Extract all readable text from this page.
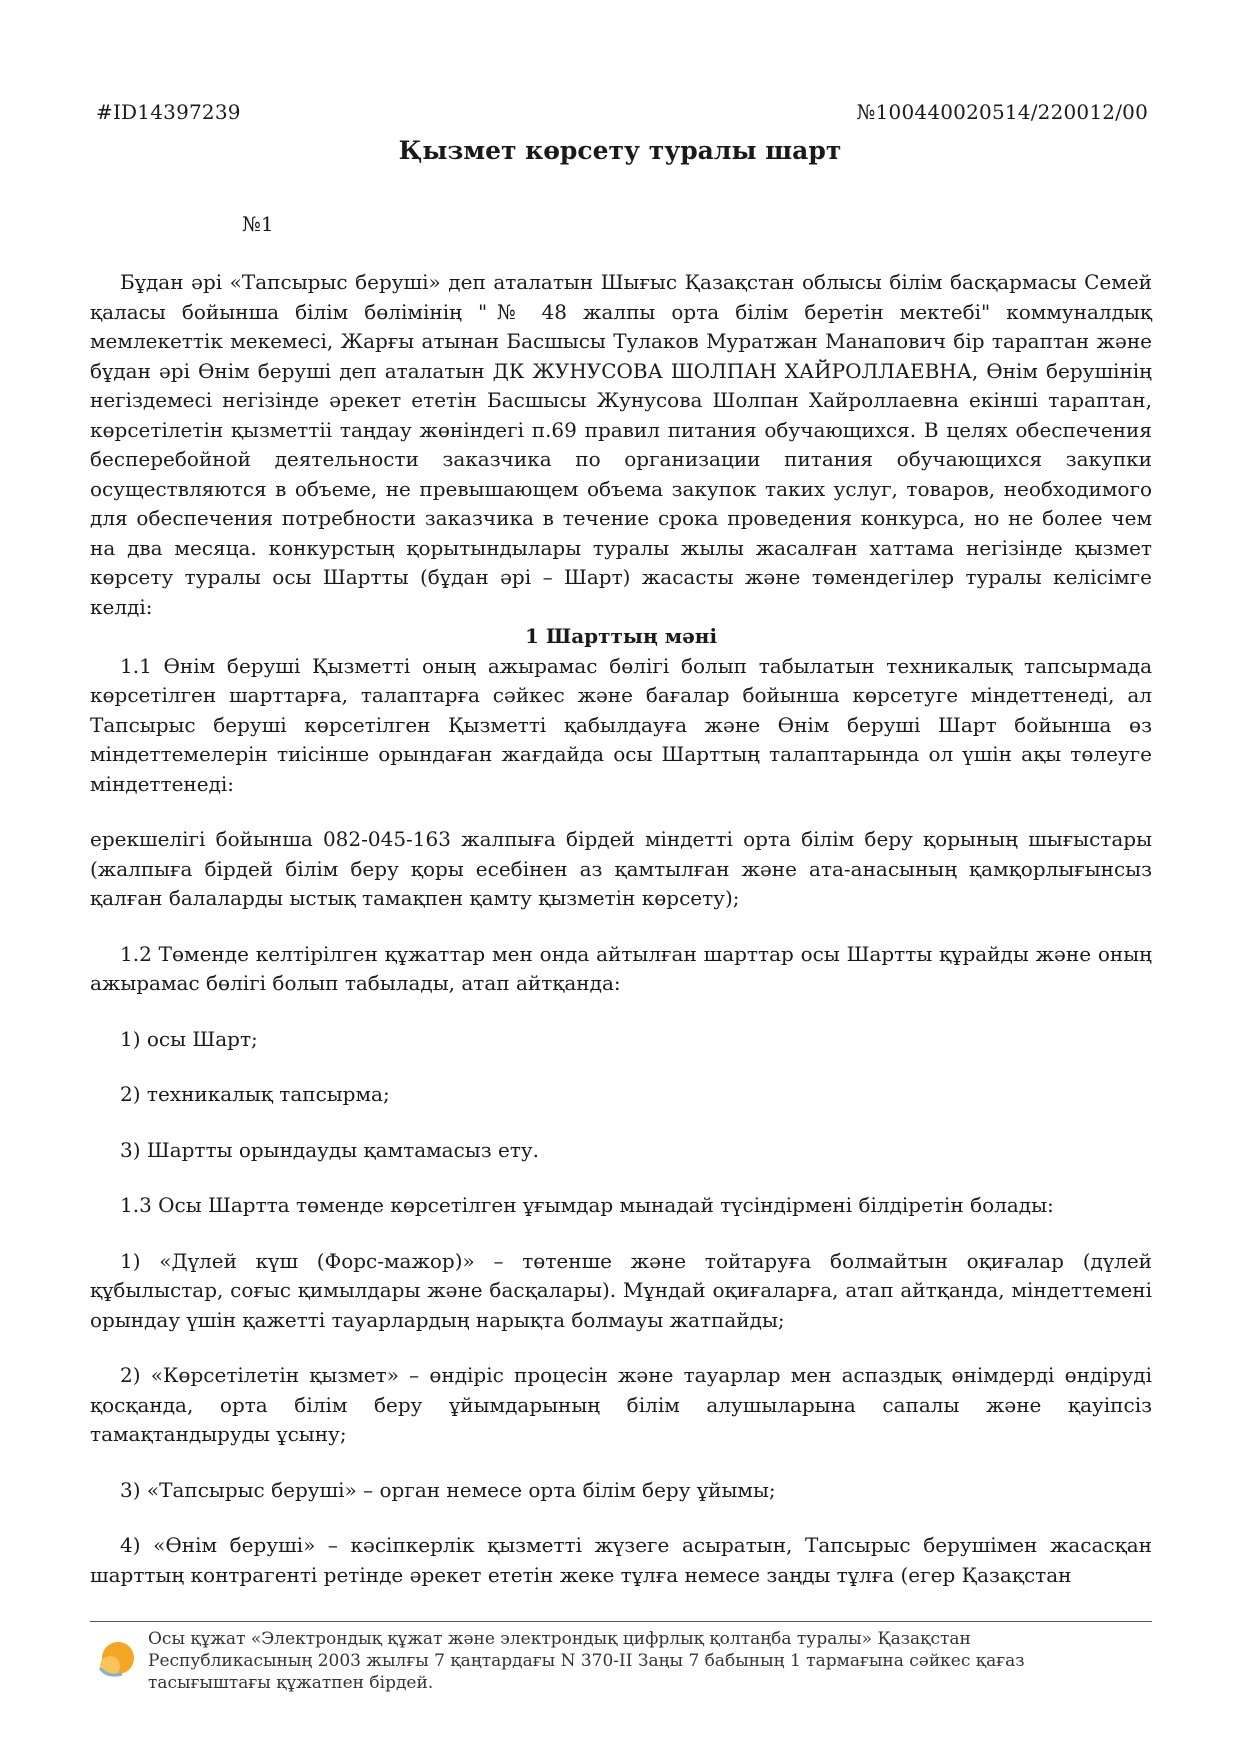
#ID14397239	№100440020514/220012/00
Қызмет көрсету туралы шарт
№1

Бұдан әрі «Тапсырыс беруші» деп аталатын Шығыс Қазақстан облысы білім басқармасы Семей қаласы бойынша білім бөлімінің "№ 48 жалпы орта білім беретін мектебі" коммуналдық мемлекеттік мекемесі, Жарғы атынан Басшысы Тулаков Муратжан Манапович бір тараптан және бұдан әрі Өнім беруші деп аталатын ДК ЖУНУСОВА ШОЛПАН ХАЙРОЛЛАЕВНА, Өнім берушінің негіздемесі негізінде әрекет ететін Басшысы Жунусова Шолпан Хайроллаевна екінші тараптан, көрсетілетін қызметтіі таңдау жөніндегі п.69 правил питания обучающихся. В целях обеспечения бесперебойной деятельности заказчика по организации питания обучающихся закупки осуществляются в объеме, не превышающем объема закупок таких услуг, товаров, необходимого для обеспечения потребности заказчика в течение срока проведения конкурса, но не более чем на два месяца. конкурстың қорытындылары туралы жылы жасалған хаттама негізінде қызмет көрсету туралы осы Шартты (бұдан әрі – Шарт) жасасты және төмендегілер туралы келісімге келді:

1 Шарттың мәні

1.1 Өнім беруші Қызметті оның ажырамас бөлігі болып табылатын техникалық тапсырмада көрсетілген шарттарға, талаптарға сәйкес және бағалар бойынша көрсетуге міндеттенеді, ал Тапсырыс беруші көрсетілген Қызметті қабылдауға және Өнім беруші Шарт бойынша өз міндеттемелерін тиісінше орындаған жағдайда осы Шарттың талаптарында ол үшін ақы төлеуге міндеттенеді:

ерекшелігі бойынша 082-045-163 жалпыға бірдей міндетті орта білім беру қорының шығыстары (жалпыға бірдей білім беру қоры есебінен аз қамтылған және ата-анасының қамқорлығынсыз қалған балаларды ыстық тамақпен қамту қызметін көрсету);

1.2 Төменде келтірілген құжаттар мен онда айтылған шарттар осы Шартты құрайды және оның ажырамас бөлігі болып табылады, атап айтқанда:

1) осы Шарт;

2) техникалық тапсырма;

3) Шартты орындауды қамтамасыз ету.

1.3 Осы Шартта төменде көрсетілген ұғымдар мынадай түсіндірмені білдіретін болады:

1) «Дүлей күш (Форс-мажор)» – төтенше және тойтаруға болмайтын оқиғалар (дүлей құбылыстар, соғыс қимылдары және басқалары). Мұндай оқиғаларға, атап айтқанда, міндеттемені орындау үшін қажетті тауарлардың нарықта болмауы жатпайды;

2) «Көрсетілетін қызмет» – өндіріс процесін және тауарлар мен аспаздық өнімдерді өндіруді қосқанда, орта білім беру ұйымдарының білім алушыларына сапалы және қауіпсіз тамақтандыруды ұсыну;

3) «Тапсырыс беруші» – орган немесе орта білім беру ұйымы;

4) «Өнім беруші» – кәсіпкерлік қызметті жүзеге асыратын, Тапсырыс берушімен жасасқан шарттың контрагенті ретінде әрекет ететін жеке тұлға немесе заңды тұлға (егер Қазақстан

Осы құжат «Электрондық құжат және электрондық цифрлық қолтаңба туралы» Қазақстан Республикасының 2003 жылғы 7 қаңтардағы N 370-II Заңы 7 бабының 1 тармағына сәйкес қағаз тасығыштағы құжатпен бірдей.
